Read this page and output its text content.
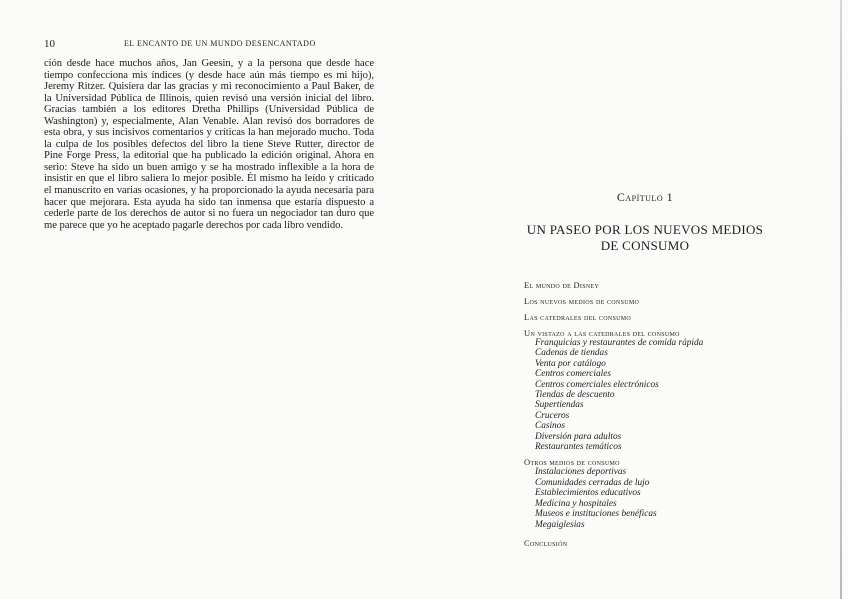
10	EL ENCANTO DE UN MUNDO DESENCANTADO

ción desde hace muchos años, Jan Geesin, y a la persona que desde hace tiempo confecciona mis índices (y desde hace aún más tiempo es mi hijo), Jeremy Ritzer. Quisiera dar las gracias y mi reconocimiento a Paul Baker, de la Universidad Pública de Illinois, quien revisó una versión inicial del libro. Gracias también a los editores Dretha Phillips (Universidad Pública de Washington) y, especialmente, Alan Venable. Alan revisó dos borradores de esta obra, y sus incisivos comentarios y críticas la han mejorado mucho. Toda la culpa de los posibles defectos del libro la tiene Steve Rutter, director de Pine Forge Press, la editorial que ha publicado la edición original. Ahora en serio: Steve ha sido un buen amigo y se ha mostrado inflexible a la hora de insistir en que el libro saliera lo mejor posible. Él mismo ha leído y criticado el manuscrito en varias ocasiones, y ha proporcionado la ayuda necesaria para hacer que mejorara. Esta ayuda ha sido tan inmensa que estaría dispuesto a cederle parte de los derechos de autor si no fuera un negociador tan duro que me parece que yo he aceptado pagarle derechos por cada libro vendido.

Capítulo 1
UN PASEO POR LOS NUEVOS MEDIOS
DE CONSUMO
El mundo de Disney
Los nuevos medios de consumo
Las catedrales del consumo
Un vistazo a las catedrales del consumo
Franquicias y restaurantes de comida rápida
Cadenas de tiendas
Venta por catálogo
Centros comerciales
Centros comerciales electrónicos
Tiendas de descuento
Supertiendas
Cruceros
Casinos
Diversión para adultos
Restaurantes temáticos
Otros medios de consumo
Instalaciones deportivas
Comunidades cerradas de lujo
Establecimientos educativos
Medicina y hospitales
Museos e instituciones benéficas
Megaiglesias
Conclusión
